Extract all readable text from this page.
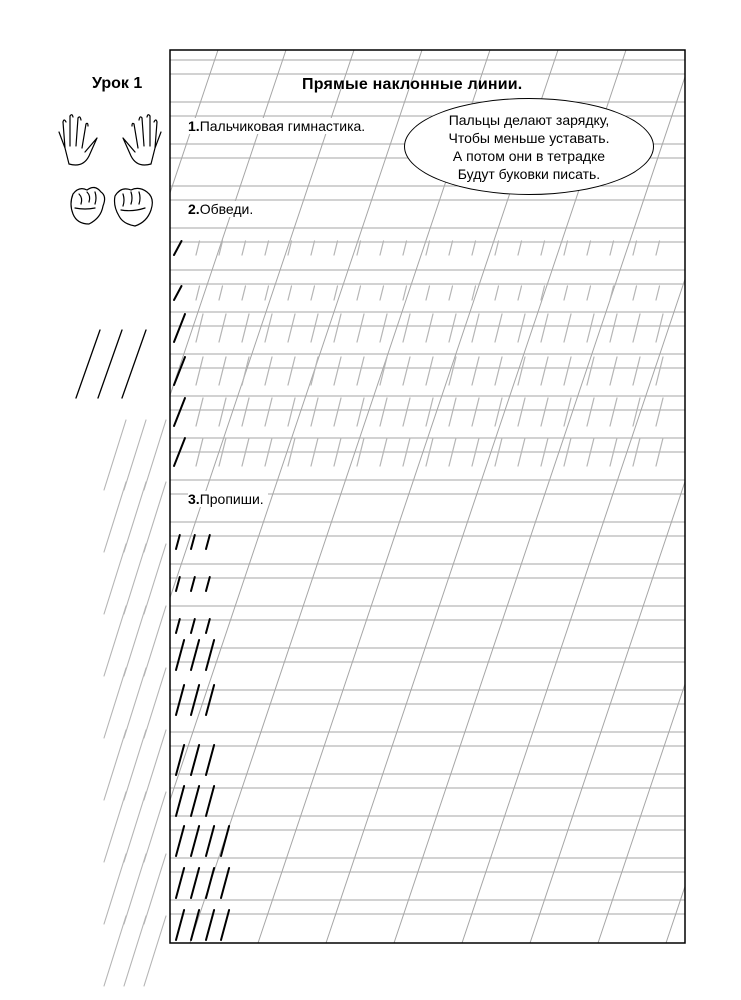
Урок 1	Прямые наклонные линии.
1.Пальчиковая гимнастика.
2.Обведи.
3.Пропиши.
Пальцы делают зарядку,
Чтобы меньше уставать.
А потом они в тетрадке
Будут буковки писать.
